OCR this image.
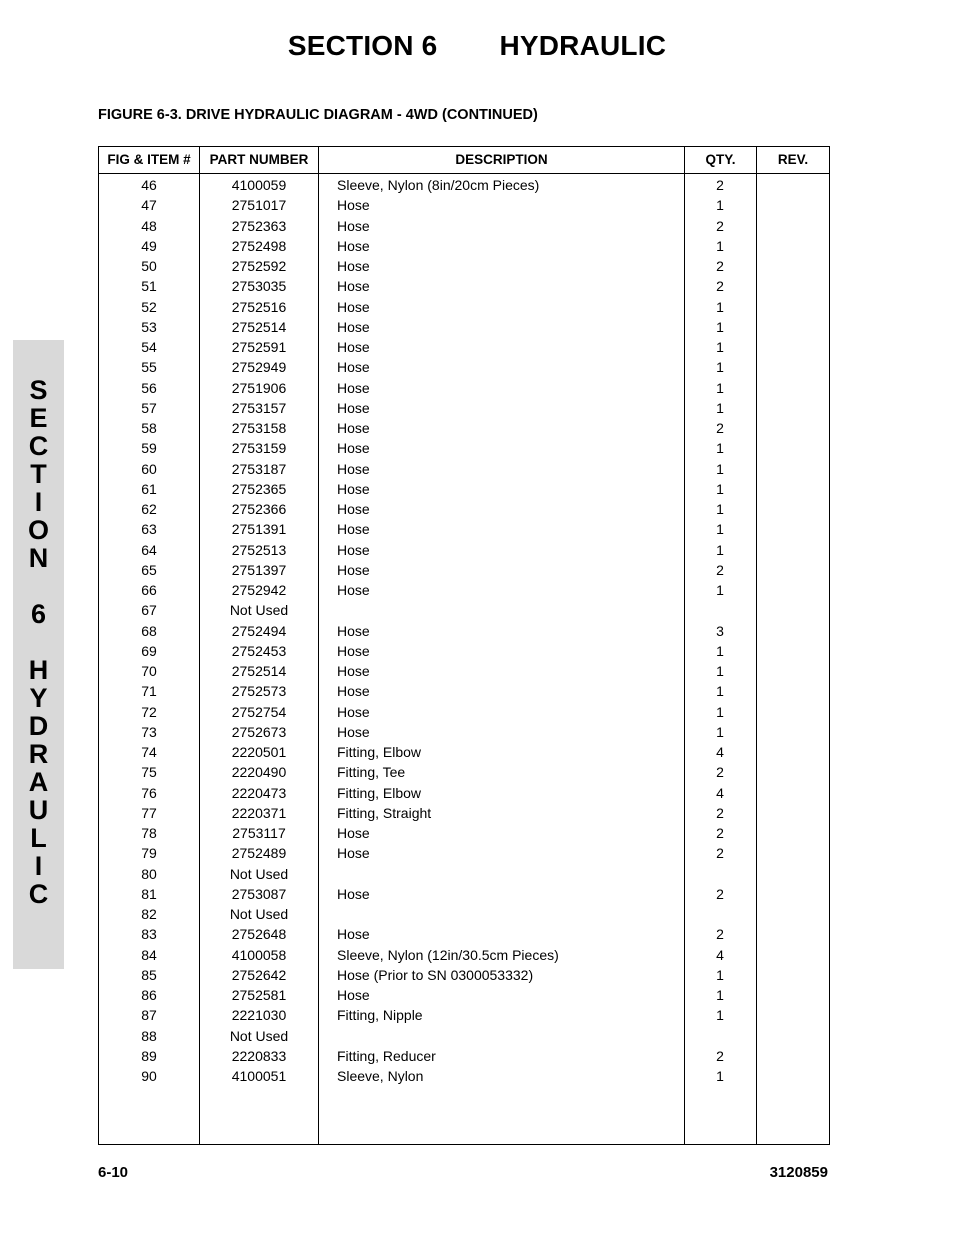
SECTION 6 HYDRAULIC
FIGURE 6-3. DRIVE HYDRAULIC DIAGRAM - 4WD (CONTINUED)
S
E
C
T
I
O
N
6
H
Y
D
R
A
U
L
I
C
FIG & ITEM #	PART NUMBER	DESCRIPTION	QTY.	REV.
46	4100059	Sleeve, Nylon (8in/20cm Pieces)	2
47	2751017	Hose	1
48	2752363	Hose	2
49	2752498	Hose	1
50	2752592	Hose	2
51	2753035	Hose	2
52	2752516	Hose	1
53	2752514	Hose	1
54	2752591	Hose	1
55	2752949	Hose	1
56	2751906	Hose	1
57	2753157	Hose	1
58	2753158	Hose	2
59	2753159	Hose	1
60	2753187	Hose	1
61	2752365	Hose	1
62	2752366	Hose	1
63	2751391	Hose	1
64	2752513	Hose	1
65	2751397	Hose	2
66	2752942	Hose	1
67	Not Used
68	2752494	Hose	3
69	2752453	Hose	1
70	2752514	Hose	1
71	2752573	Hose	1
72	2752754	Hose	1
73	2752673	Hose	1
74	2220501	Fitting, Elbow	4
75	2220490	Fitting, Tee	2
76	2220473	Fitting, Elbow	4
77	2220371	Fitting, Straight	2
78	2753117	Hose	2
79	2752489	Hose	2
80	Not Used
81	2753087	Hose	2
82	Not Used
83	2752648	Hose	2
84	4100058	Sleeve, Nylon (12in/30.5cm Pieces)	4
85	2752642	Hose (Prior to SN 0300053332)	1
86	2752581	Hose	1
87	2221030	Fitting, Nipple	1
88	Not Used
89	2220833	Fitting, Reducer	2
90	4100051	Sleeve, Nylon	1
6-10	3120859
